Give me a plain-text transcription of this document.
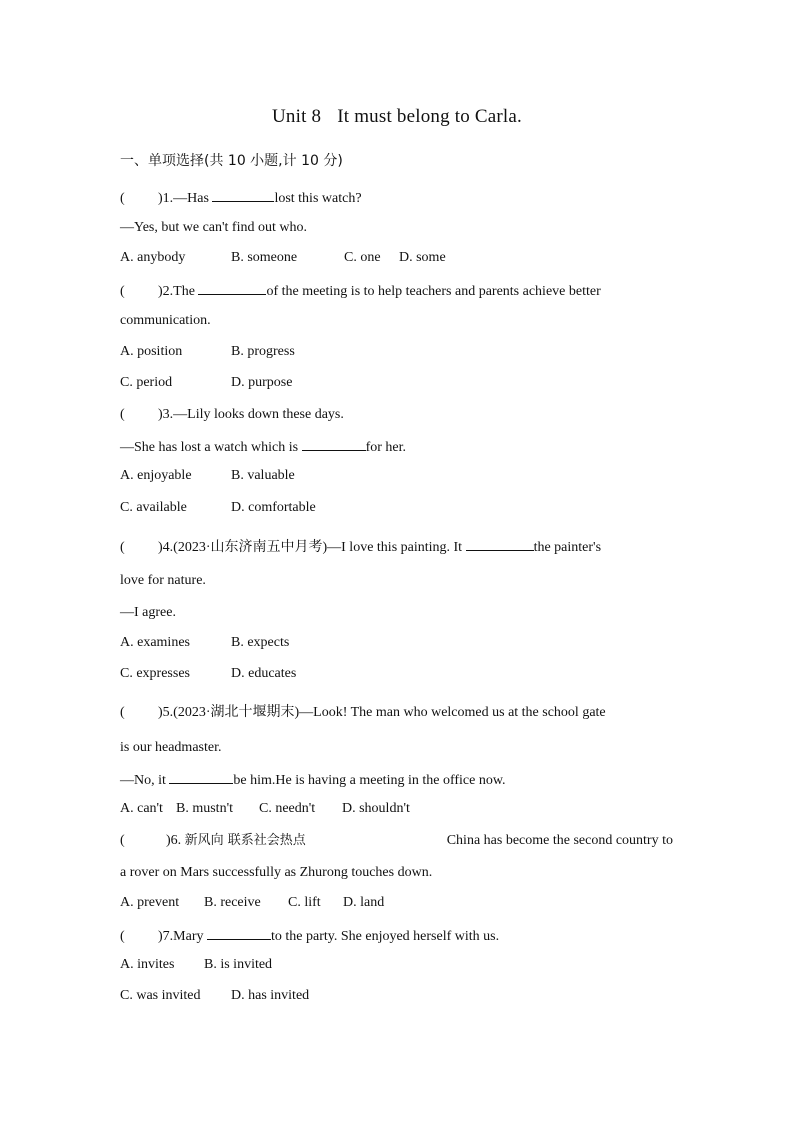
Unit 8 It must belong to Carla.
一、单项选择(共 10 小题,计 10 分)
( )1.—Has	lost this watch?
—Yes, but we can't find out who.
A. anybody	B. someone	C. one D. some
( )2.The	of the meeting is to help teachers and parents achieve better
communication.
A. position	B. progress
C. period	D. purpose
( )3.—Lily looks down these days.
—She has lost a watch which is	for her.
A. enjoyable	B. valuable
C. available	D. comfortable
( )4.(2023·山东济南五中月考)—I love this painting. It	the painter's
love for nature.
—I agree.
A. examines	B. expects
C. expresses	D. educates
( )5.(2023·湖北十堰期末)—Look! The man who welcomed us at the school gate
is our headmaster.
—No, it	be him.He is having a meeting in the office now.
A. can't B. mustn't C. needn't D. shouldn't
(	)6. 新风向 联系社会热点	China has become the second country to
a rover on Mars successfully as Zhurong touches down.
A. prevent B. receive C. lift D. land
( )7.Mary	to the party. She enjoyed herself with us.
A. invites B. is invited
C. was invited D. has invited
